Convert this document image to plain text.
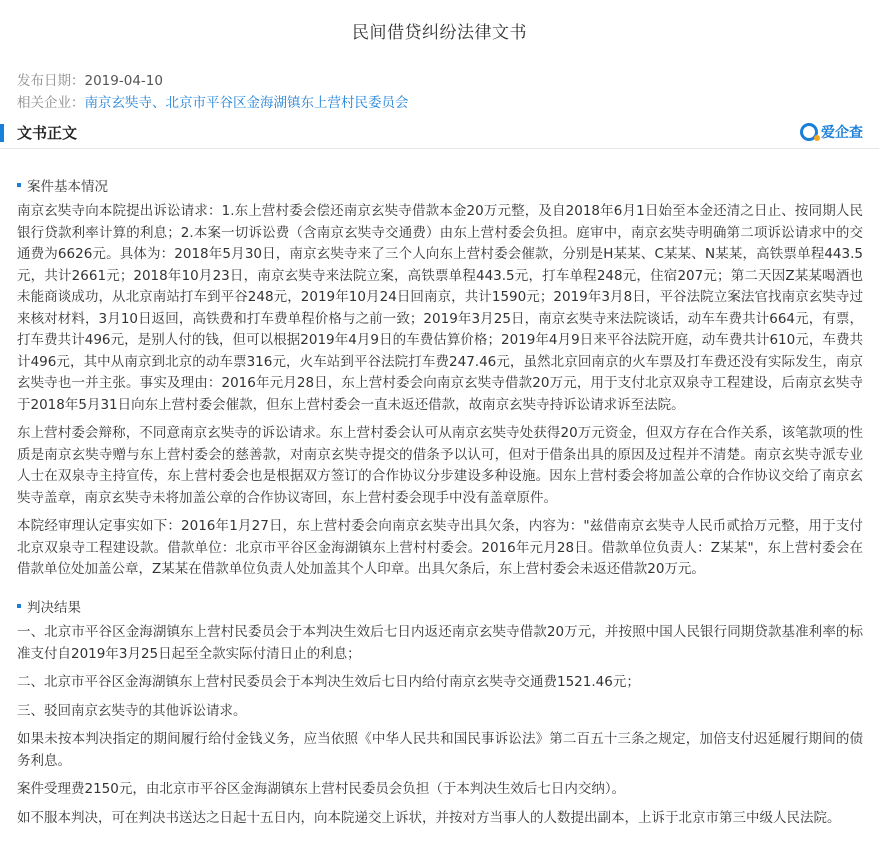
民间借贷纠纷法律文书
发布日期：2019-04-10
相关企业：南京玄奘寺、北京市平谷区金海湖镇东上营村民委员会
文书正文	爱企查
案件基本情况

南京玄奘寺向本院提出诉讼请求：1.东上营村委会偿还南京玄奘寺借款本金20万元整，及自2018年6月1日始至本金还清之日止、按同期人民银行贷款利率计算的利息；2.本案一切诉讼费（含南京玄奘寺交通费）由东上营村委会负担。庭审中，南京玄奘寺明确第二项诉讼请求中的交通费为6626元。具体为：2018年5月30日，南京玄奘寺来了三个人向东上营村委会催款，分别是H某某、C某某、N某某，高铁票单程443.5元，共计2661元；2018年10月23日，南京玄奘寺来法院立案，高铁票单程443.5元，打车单程248元，住宿207元；第二天因Z某某喝酒也未能商谈成功，从北京南站打车到平谷248元，2019年10月24日回南京，共计1590元；2019年3月8日，平谷法院立案法官找南京玄奘寺过来核对材料，3月10日返回，高铁费和打车费单程价格与之前一致；2019年3月25日，南京玄奘寺来法院谈话，动车车费共计664元，有票，打车费共计496元，是别人付的钱，但可以根据2019年4月9日的车费估算价格；2019年4月9日来平谷法院开庭，动车费共计610元，车费共计496元，其中从南京到北京的动车票316元，火车站到平谷法院打车费247.46元，虽然北京回南京的火车票及打车费还没有实际发生，南京玄奘寺也一并主张。事实及理由：2016年元月28日，东上营村委会向南京玄奘寺借款20万元，用于支付北京双泉寺工程建设，后南京玄奘寺于2018年5月31日向东上营村委会催款，但东上营村委会一直未返还借款，故南京玄奘寺持诉讼请求诉至法院。

东上营村委会辩称，不同意南京玄奘寺的诉讼请求。东上营村委会认可从南京玄奘寺处获得20万元资金，但双方存在合作关系，该笔款项的性质是南京玄奘寺赠与东上营村委会的慈善款，对南京玄奘寺提交的借条予以认可，但对于借条出具的原因及过程并不清楚。南京玄奘寺派专业人士在双泉寺主持宣传，东上营村委会也是根据双方签订的合作协议分步建设多种设施。因东上营村委会将加盖公章的合作协议交给了南京玄奘寺盖章，南京玄奘寺未将加盖公章的合作协议寄回，东上营村委会现手中没有盖章原件。

本院经审理认定事实如下：2016年1月27日，东上营村委会向南京玄奘寺出具欠条，内容为："兹借南京玄奘寺人民币贰拾万元整，用于支付北京双泉寺工程建设款。借款单位：北京市平谷区金海湖镇东上营村村委会。2016年元月28日。借款单位负责人：Z某某"，东上营村委会在借款单位处加盖公章，Z某某在借款单位负责人处加盖其个人印章。出具欠条后，东上营村委会未返还借款20万元。

判决结果

一、北京市平谷区金海湖镇东上营村民委员会于本判决生效后七日内返还南京玄奘寺借款20万元，并按照中国人民银行同期贷款基准利率的标准支付自2019年3月25日起至全款实际付清日止的利息；

二、北京市平谷区金海湖镇东上营村民委员会于本判决生效后七日内给付南京玄奘寺交通费1521.46元；

三、驳回南京玄奘寺的其他诉讼请求。

如果未按本判决指定的期间履行给付金钱义务，应当依照《中华人民共和国民事诉讼法》第二百五十三条之规定，加倍支付迟延履行期间的债务利息。

案件受理费2150元，由北京市平谷区金海湖镇东上营村民委员会负担（于本判决生效后七日内交纳）。

如不服本判决，可在判决书送达之日起十五日内，向本院递交上诉状，并按对方当事人的人数提出副本，上诉于北京市第三中级人民法院。
